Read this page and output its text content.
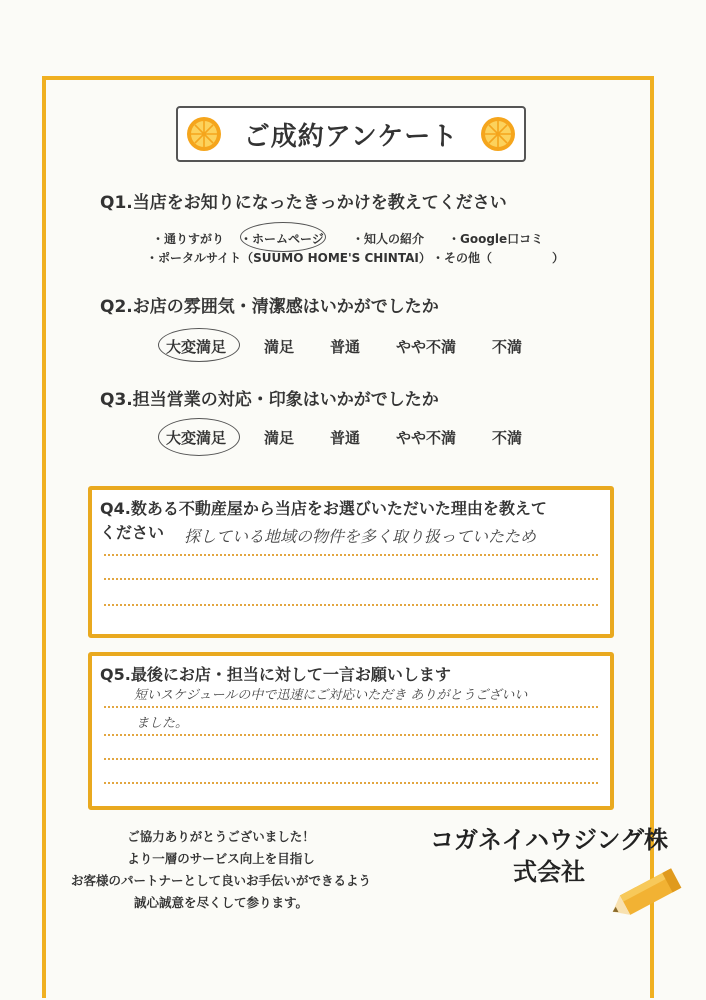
ご成約アンケート
Q1.当店をお知りになったきっかけを教えてください
・通りすがり ・ホームページ ・知人の紹介 ・Google口コミ
・ポータルサイト（SUUMO HOME'S CHINTAI） ・その他（　　　　　）
Q2.お店の雰囲気・清潔感はいかがでしたか
大変満足	満足 普通 やや不満 不満
Q3.担当営業の対応・印象はいかがでしたか
大変満足	満足 普通 やや不満 不満
Q4.数ある不動産屋から当店をお選びいただいた理由を教えて
ください 探している地域の物件を多く取り扱っていたため
Q5.最後にお店・担当に対して一言お願いします
短いスケジュールの中で迅速にご対応いただき ありがとうございい
ました。
ご協力ありがとうございました！
より一層のサービス向上を目指し
お客様のパートナーとして良いお手伝いができるよう
誠心誠意を尽くして参ります。
コガネイハウジング株
式会社
